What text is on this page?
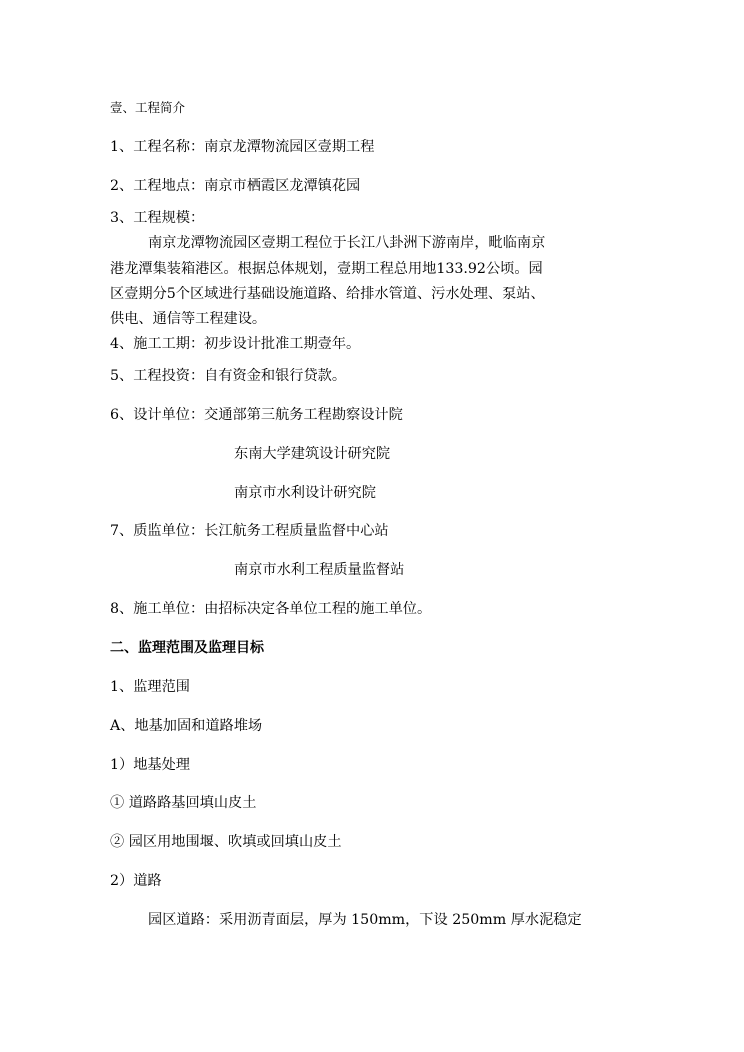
壹、工程简介
1、工程名称：南京龙潭物流园区壹期工程
2、工程地点：南京市栖霞区龙潭镇花园
3、工程规模：
南京龙潭物流园区壹期工程位于长江八卦洲下游南岸，毗临南京
港龙潭集装箱港区。根据总体规划，壹期工程总用地133.92公顷。园
区壹期分5个区域进行基础设施道路、给排水管道、污水处理、泵站、
供电、通信等工程建设。
4、施工工期：初步设计批准工期壹年。
5、工程投资：自有资金和银行贷款。
6、设计单位：交通部第三航务工程勘察设计院
东南大学建筑设计研究院
南京市水利设计研究院
7、质监单位：长江航务工程质量监督中心站
南京市水利工程质量监督站
8、施工单位：由招标决定各单位工程的施工单位。
二、监理范围及监理目标
1、监理范围
A、地基加固和道路堆场
1）地基处理
① 道路路基回填山皮土
② 园区用地围堰、吹填或回填山皮土
2）道路
园区道路：采用沥青面层，厚为 150mm，下设 250mm 厚水泥稳定
